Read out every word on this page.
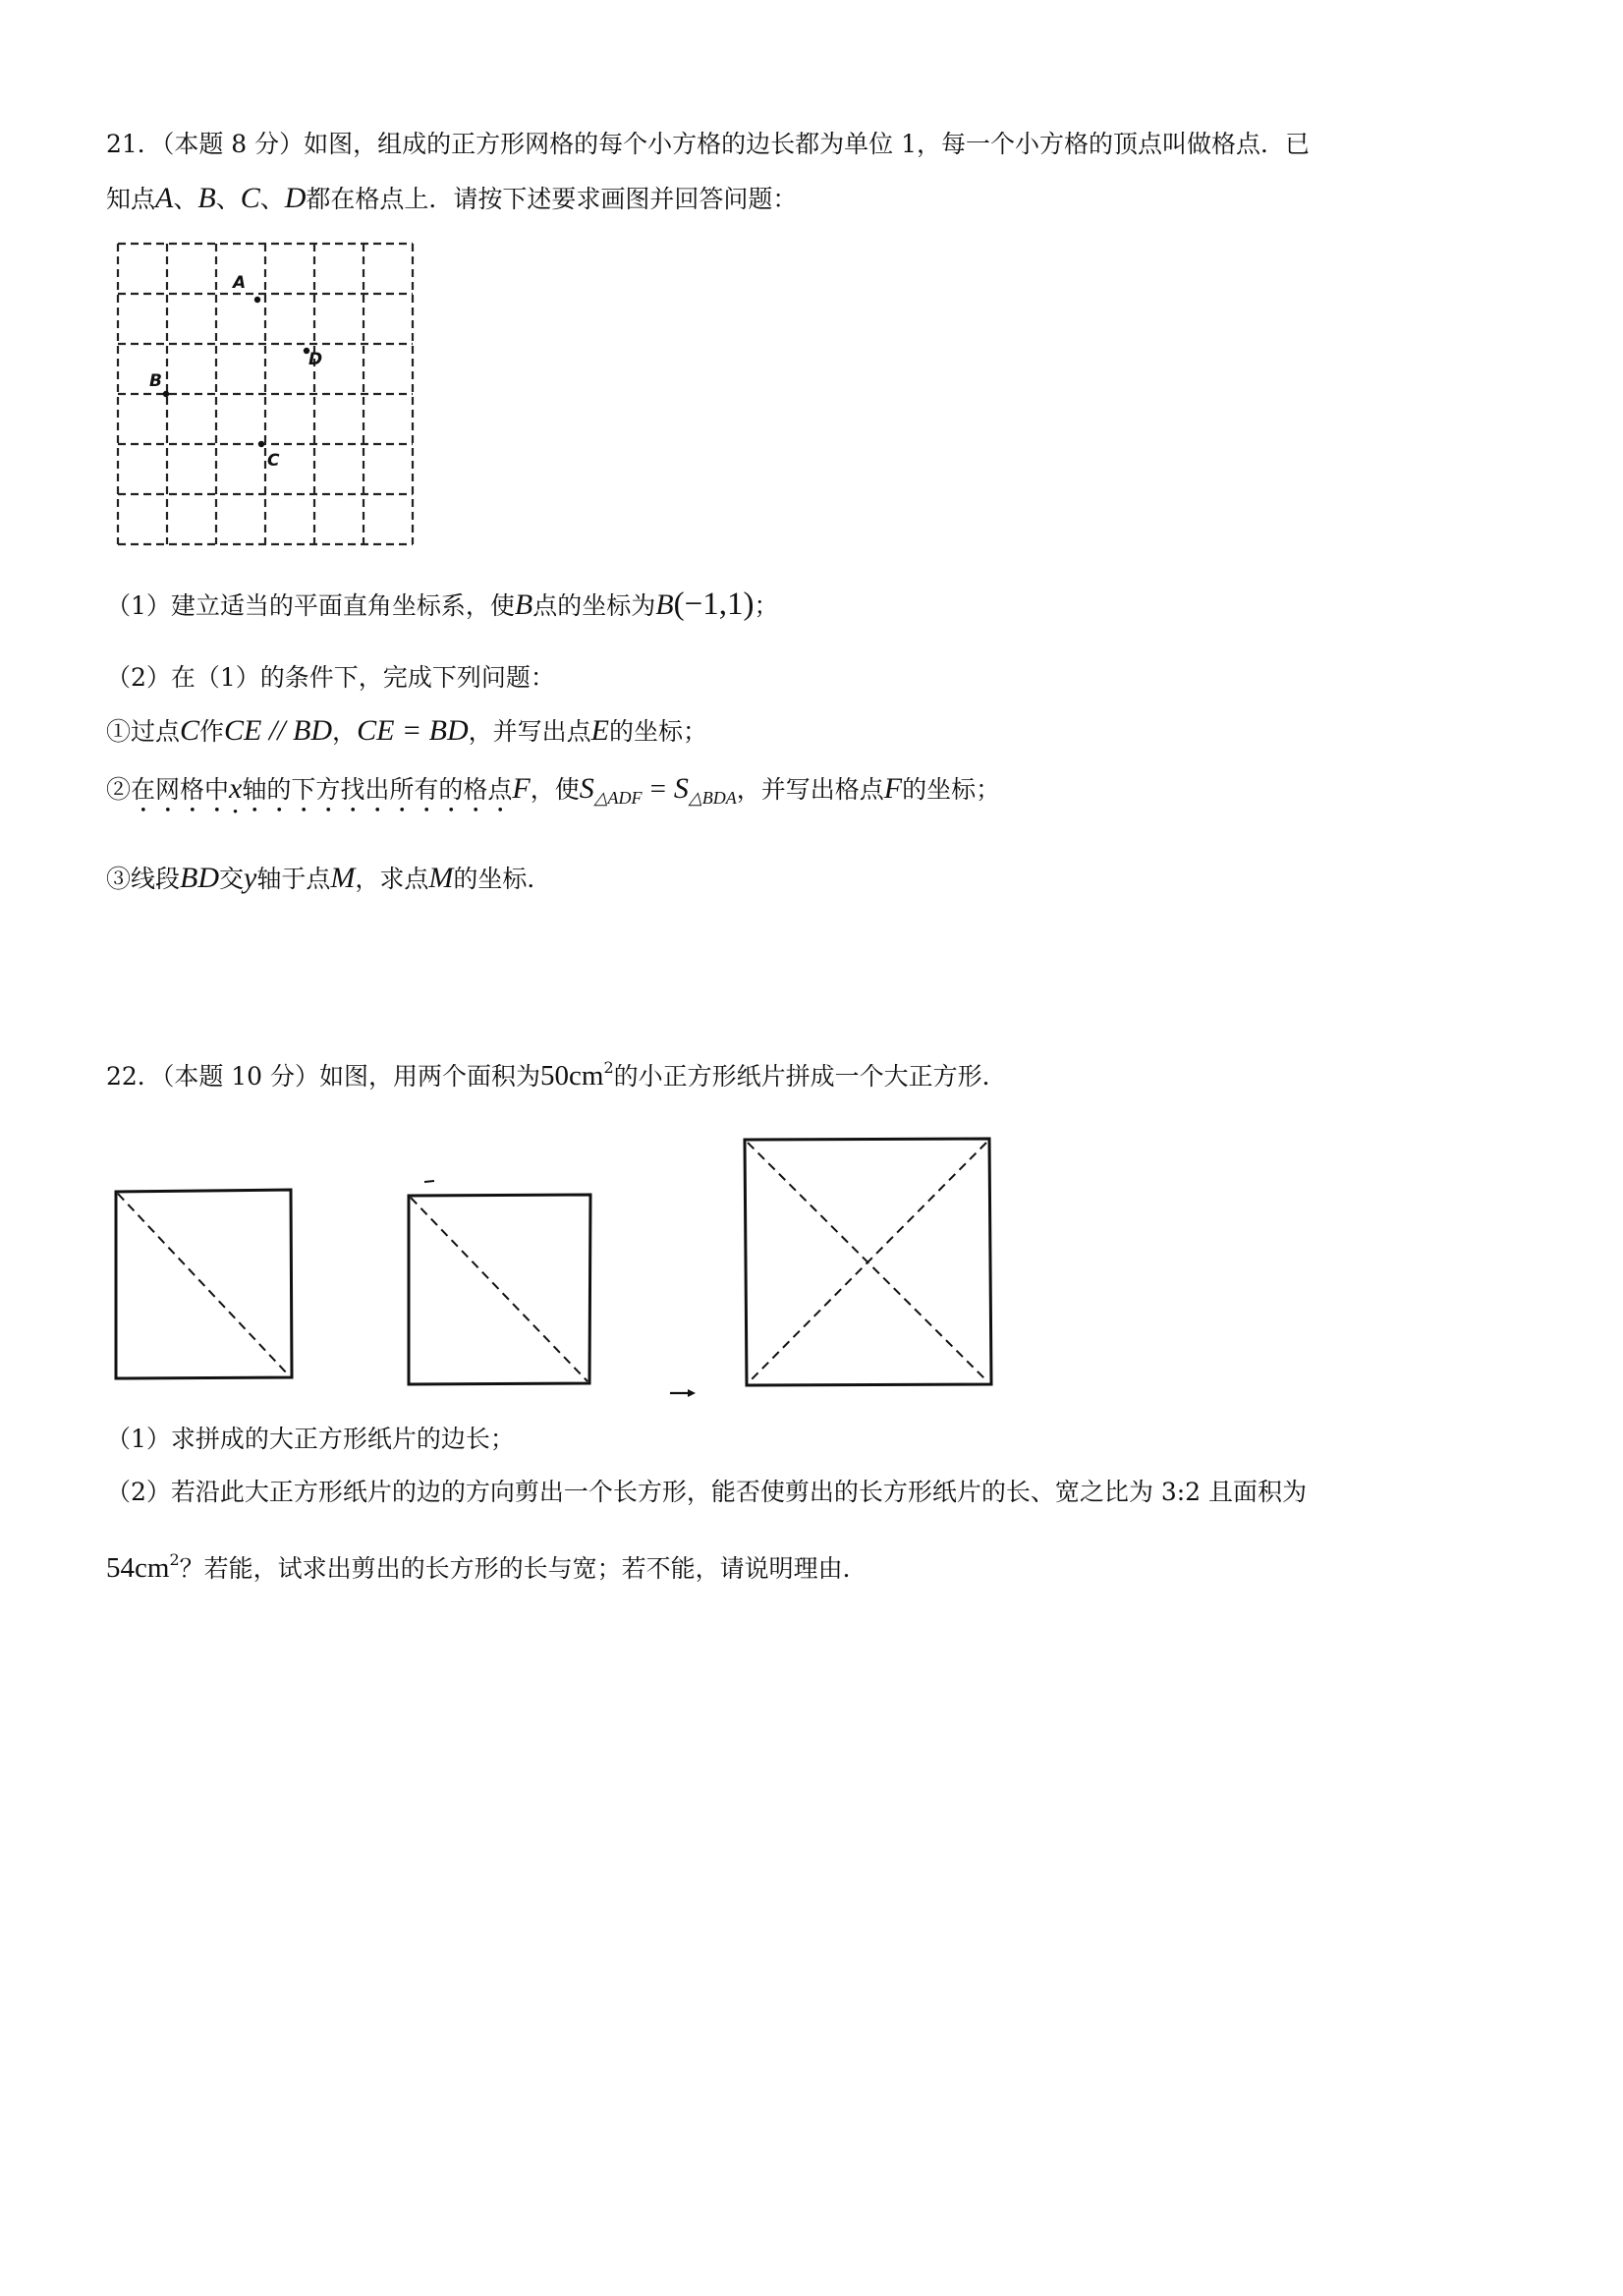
21．（本题 8 分）如图，组成的正方形网格的每个小方格的边长都为单位 1，每一个小方格的顶点叫做格点．已
知点A、B、C、D都在格点上．请按下述要求画图并回答问题：
A
D
B
C
（1）建立适当的平面直角坐标系，使B点的坐标为B(−1,1)；
（2）在（1）的条件下，完成下列问题：
①过点C作CE // BD，CE = BD，并写出点E的坐标；
②在网格中x轴的下方找出所有的格点F，使$S_{\triangle ADF} = S_{\triangle BDA}$，并写出格点F的坐标；
③线段BD交y轴于点M，求点M的坐标．
22．（本题 10 分）如图，用两个面积为$50cm^2$的小正方形纸片拼成一个大正方形．
（1）求拼成的大正方形纸片的边长；
（2）若沿此大正方形纸片的边的方向剪出一个长方形，能否使剪出的长方形纸片的长、宽之比为 3:2 且面积为
$54cm^2$？若能，试求出剪出的长方形的长与宽；若不能，请说明理由．
